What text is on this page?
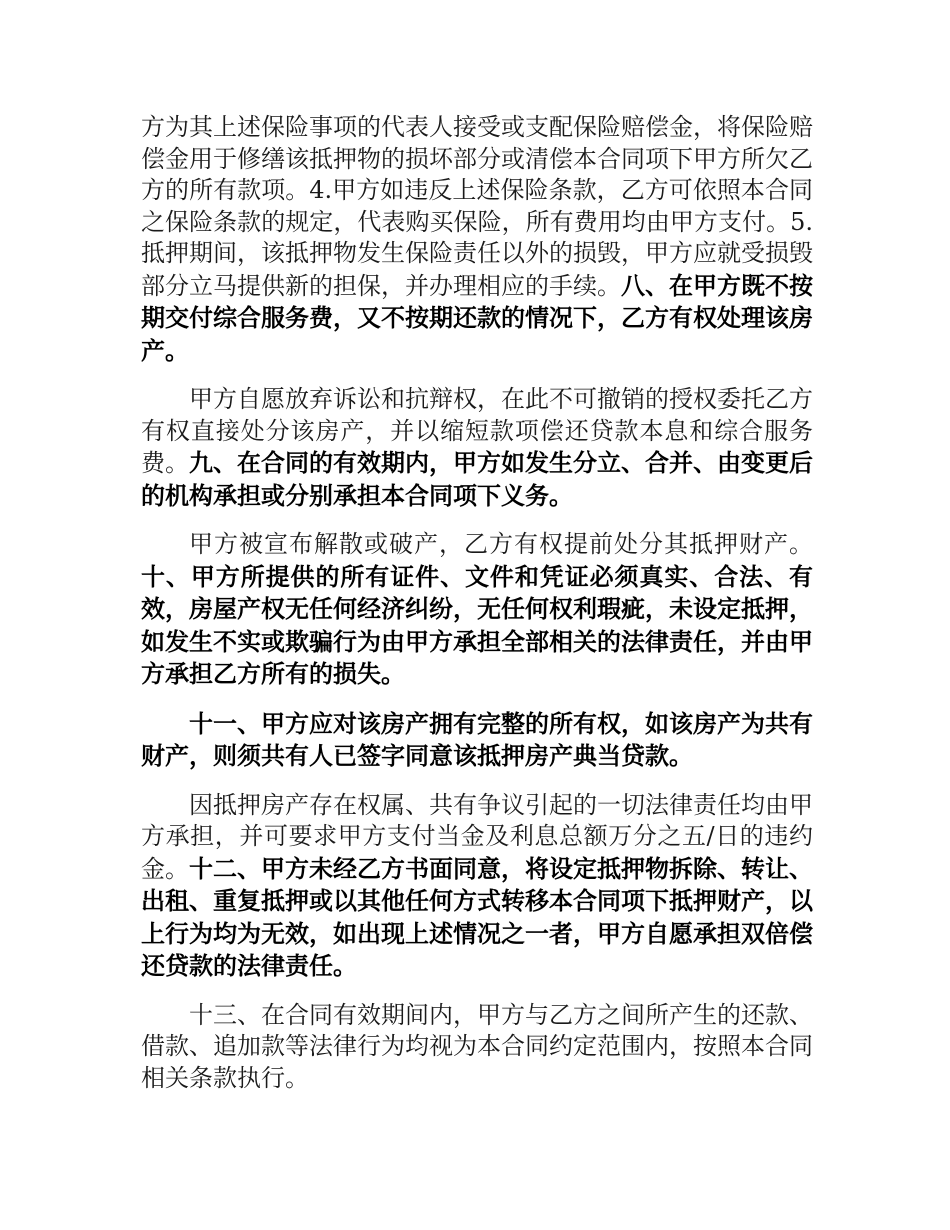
方为其上述保险事项的代表人接受或支配保险赔偿金，将保险赔偿金用于修缮该抵押物的损坏部分或清偿本合同项下甲方所欠乙方的所有款项。4.甲方如违反上述保险条款，乙方可依照本合同之保险条款的规定，代表购买保险，所有费用均由甲方支付。5.抵押期间，该抵押物发生保险责任以外的损毁，甲方应就受损毁部分立马提供新的担保，并办理相应的手续。八、在甲方既不按期交付综合服务费，又不按期还款的情况下，乙方有权处理该房产。

甲方自愿放弃诉讼和抗辩权，在此不可撤销的授权委托乙方有权直接处分该房产，并以缩短款项偿还贷款本息和综合服务费。九、在合同的有效期内，甲方如发生分立、合并、由变更后的机构承担或分别承担本合同项下义务。

甲方被宣布解散或破产，乙方有权提前处分其抵押财产。十、甲方所提供的所有证件、文件和凭证必须真实、合法、有效，房屋产权无任何经济纠纷，无任何权利瑕疵，未设定抵押，如发生不实或欺骗行为由甲方承担全部相关的法律责任，并由甲方承担乙方所有的损失。

十一、甲方应对该房产拥有完整的所有权，如该房产为共有财产，则须共有人已签字同意该抵押房产典当贷款。

因抵押房产存在权属、共有争议引起的一切法律责任均由甲方承担，并可要求甲方支付当金及利息总额万分之五/日的违约金。十二、甲方未经乙方书面同意，将设定抵押物拆除、转让、出租、重复抵押或以其他任何方式转移本合同项下抵押财产，以上行为均为无效，如出现上述情况之一者，甲方自愿承担双倍偿还贷款的法律责任。

十三、在合同有效期间内，甲方与乙方之间所产生的还款、借款、追加款等法律行为均视为本合同约定范围内，按照本合同相关条款执行。
